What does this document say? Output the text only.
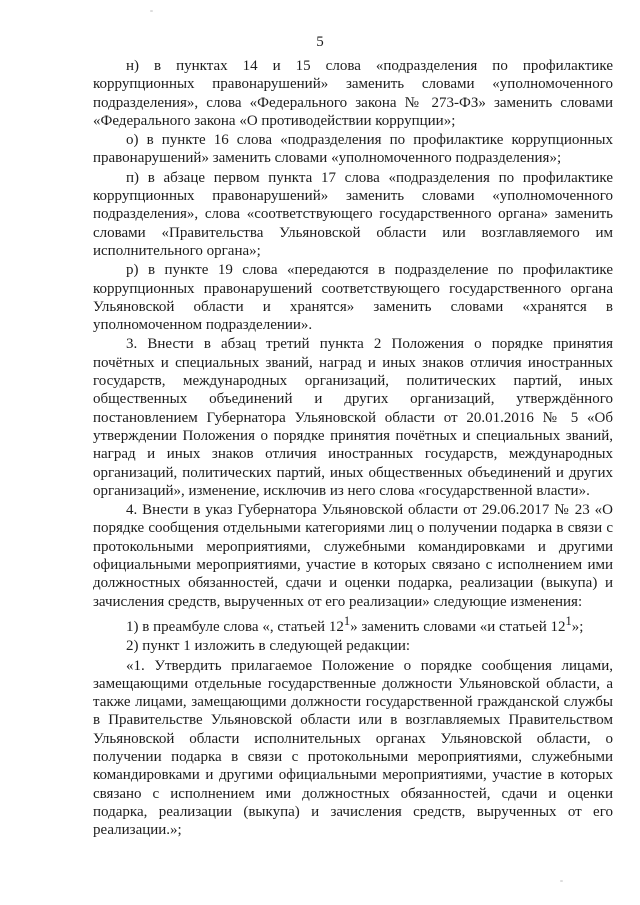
5

н) в пунктах 14 и 15 слова «подразделения по профилактике коррупционных правонарушений» заменить словами «уполномоченного подразделения», слова «Федерального закона № 273-ФЗ» заменить словами «Федерального закона «О противодействии коррупции»;

о) в пункте 16 слова «подразделения по профилактике коррупционных правонарушений» заменить словами «уполномоченного подразделения»;

п) в абзаце первом пункта 17 слова «подразделения по профилактике коррупционных правонарушений» заменить словами «уполномоченного подразделения», слова «соответствующего государственного органа» заменить словами «Правительства Ульяновской области или возглавляемого им исполнительного органа»;

р) в пункте 19 слова «передаются в подразделение по профилактике коррупционных правонарушений соответствующего государственного органа Ульяновской области и хранятся» заменить словами «хранятся в уполномоченном подразделении».

3. Внести в абзац третий пункта 2 Положения о порядке принятия почётных и специальных званий, наград и иных знаков отличия иностранных государств, международных организаций, политических партий, иных общественных объединений и других организаций, утверждённого постановлением Губернатора Ульяновской области от 20.01.2016 № 5 «Об утверждении Положения о порядке принятия почётных и специальных званий, наград и иных знаков отличия иностранных государств, международных организаций, политических партий, иных общественных объединений и других организаций», изменение, исключив из него слова «государственной власти».

4. Внести в указ Губернатора Ульяновской области от 29.06.2017 № 23 «О порядке сообщения отдельными категориями лиц о получении подарка в связи с протокольными мероприятиями, служебными командировками и другими официальными мероприятиями, участие в которых связано с исполнением ими должностных обязанностей, сдачи и оценки подарка, реализации (выкупа) и зачисления средств, вырученных от его реализации» следующие изменения:

1) в преамбуле слова «, статьей $12^1$» заменить словами «и статьей $12^1$»;

2) пункт 1 изложить в следующей редакции:

«1. Утвердить прилагаемое Положение о порядке сообщения лицами, замещающими отдельные государственные должности Ульяновской области, а также лицами, замещающими должности государственной гражданской службы в Правительстве Ульяновской области или в возглавляемых Правительством Ульяновской области исполнительных органах Ульяновской области, о получении подарка в связи с протокольными мероприятиями, служебными командировками и другими официальными мероприятиями, участие в которых связано с исполнением ими должностных обязанностей, сдачи и оценки подарка, реализации (выкупа) и зачисления средств, вырученных от его реализации.»;
